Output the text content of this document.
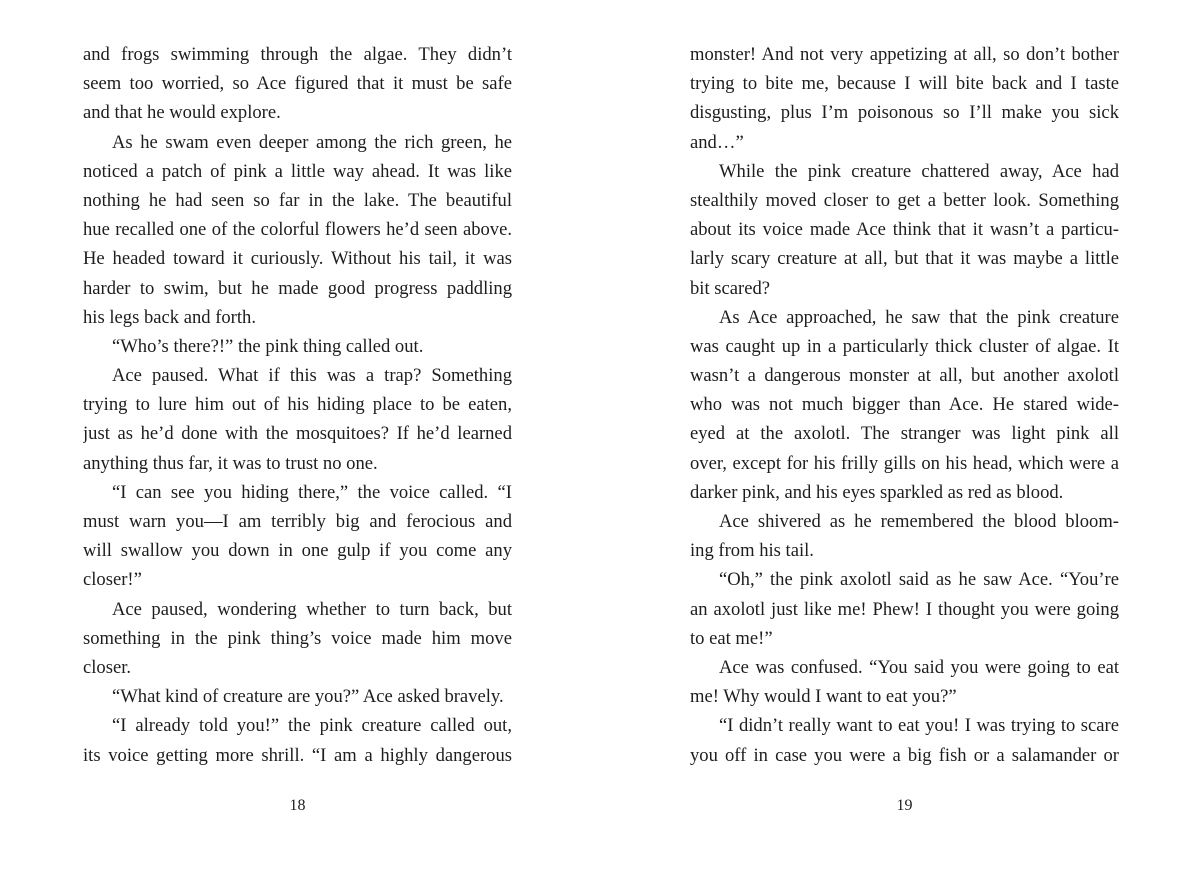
and frogs swimming through the algae. They didn’t
seem too worried, so Ace figured that it must be safe
and that he would explore.
As he swam even deeper among the rich green, he
noticed a patch of pink a little way ahead. It was like
nothing he had seen so far in the lake. The beautiful
hue recalled one of the colorful flowers he’d seen above.
He headed toward it curiously. Without his tail, it was
harder to swim, but he made good progress paddling
his legs back and forth.
“Who’s there?!” the pink thing called out.
Ace paused. What if this was a trap? Something
trying to lure him out of his hiding place to be eaten,
just as he’d done with the mosquitoes? If he’d learned
anything thus far, it was to trust no one.
“I can see you hiding there,” the voice called. “I
must warn you—I am terribly big and ferocious and
will swallow you down in one gulp if you come any
closer!”
Ace paused, wondering whether to turn back, but
something in the pink thing’s voice made him move
closer.
“What kind of creature are you?” Ace asked bravely.
“I already told you!” the pink creature called out,
its voice getting more shrill. “I am a highly dangerous
monster! And not very appetizing at all, so don’t bother
trying to bite me, because I will bite back and I taste
disgusting, plus I’m poisonous so I’ll make you sick
and…”
While the pink creature chattered away, Ace had
stealthily moved closer to get a better look. Something
about its voice made Ace think that it wasn’t a particu-
larly scary creature at all, but that it was maybe a little
bit scared?
As Ace approached, he saw that the pink creature
was caught up in a particularly thick cluster of algae. It
wasn’t a dangerous monster at all, but another axolotl
who was not much bigger than Ace. He stared wide-
eyed at the axolotl. The stranger was light pink all
over, except for his frilly gills on his head, which were a
darker pink, and his eyes sparkled as red as blood.
Ace shivered as he remembered the blood bloom-
ing from his tail.
“Oh,” the pink axolotl said as he saw Ace. “You’re
an axolotl just like me! Phew! I thought you were going
to eat me!”
Ace was confused. “You said you were going to eat
me! Why would I want to eat you?”
“I didn’t really want to eat you! I was trying to scare
you off in case you were a big fish or a salamander or
18	19
